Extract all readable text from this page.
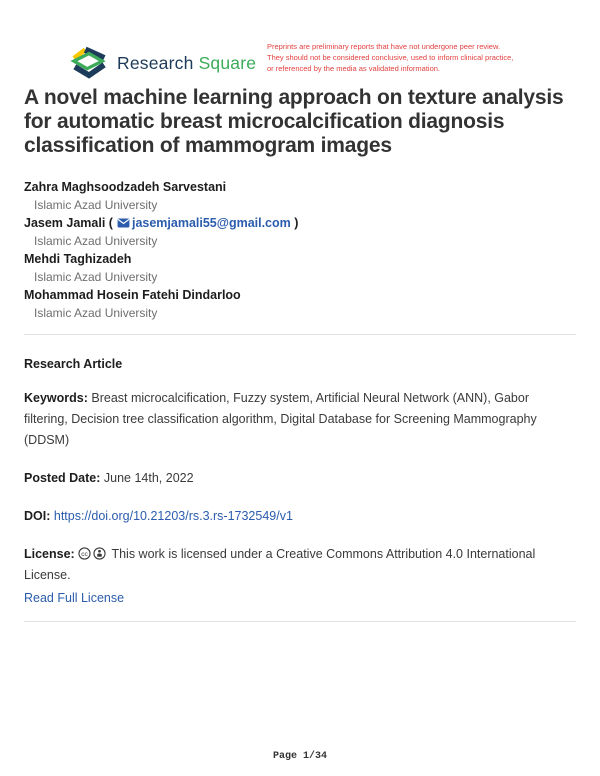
Research Square
Preprints are preliminary reports that have not undergone peer review.
They should not be considered conclusive, used to inform clinical practice,
or referenced by the media as validated information.
A novel machine learning approach on texture analysis for automatic breast microcalcification diagnosis classification of mammogram images
Zahra Maghsoodzadeh Sarvestani
Islamic Azad University
Jasem Jamali ( jasemjamali55@gmail.com )
Islamic Azad University
Mehdi Taghizadeh
Islamic Azad University
Mohammad Hosein Fatehi Dindarloo
Islamic Azad University
Research Article
Keywords: Breast microcalcification, Fuzzy system, Artificial Neural Network (ANN), Gabor filtering, Decision tree classification algorithm, Digital Database for Screening Mammography (DDSM)
Posted Date: June 14th, 2022
DOI: https://doi.org/10.21203/rs.3.rs-1732549/v1
License: cc This work is licensed under a Creative Commons Attribution 4.0 International License.
Read Full License
Page 1/34
